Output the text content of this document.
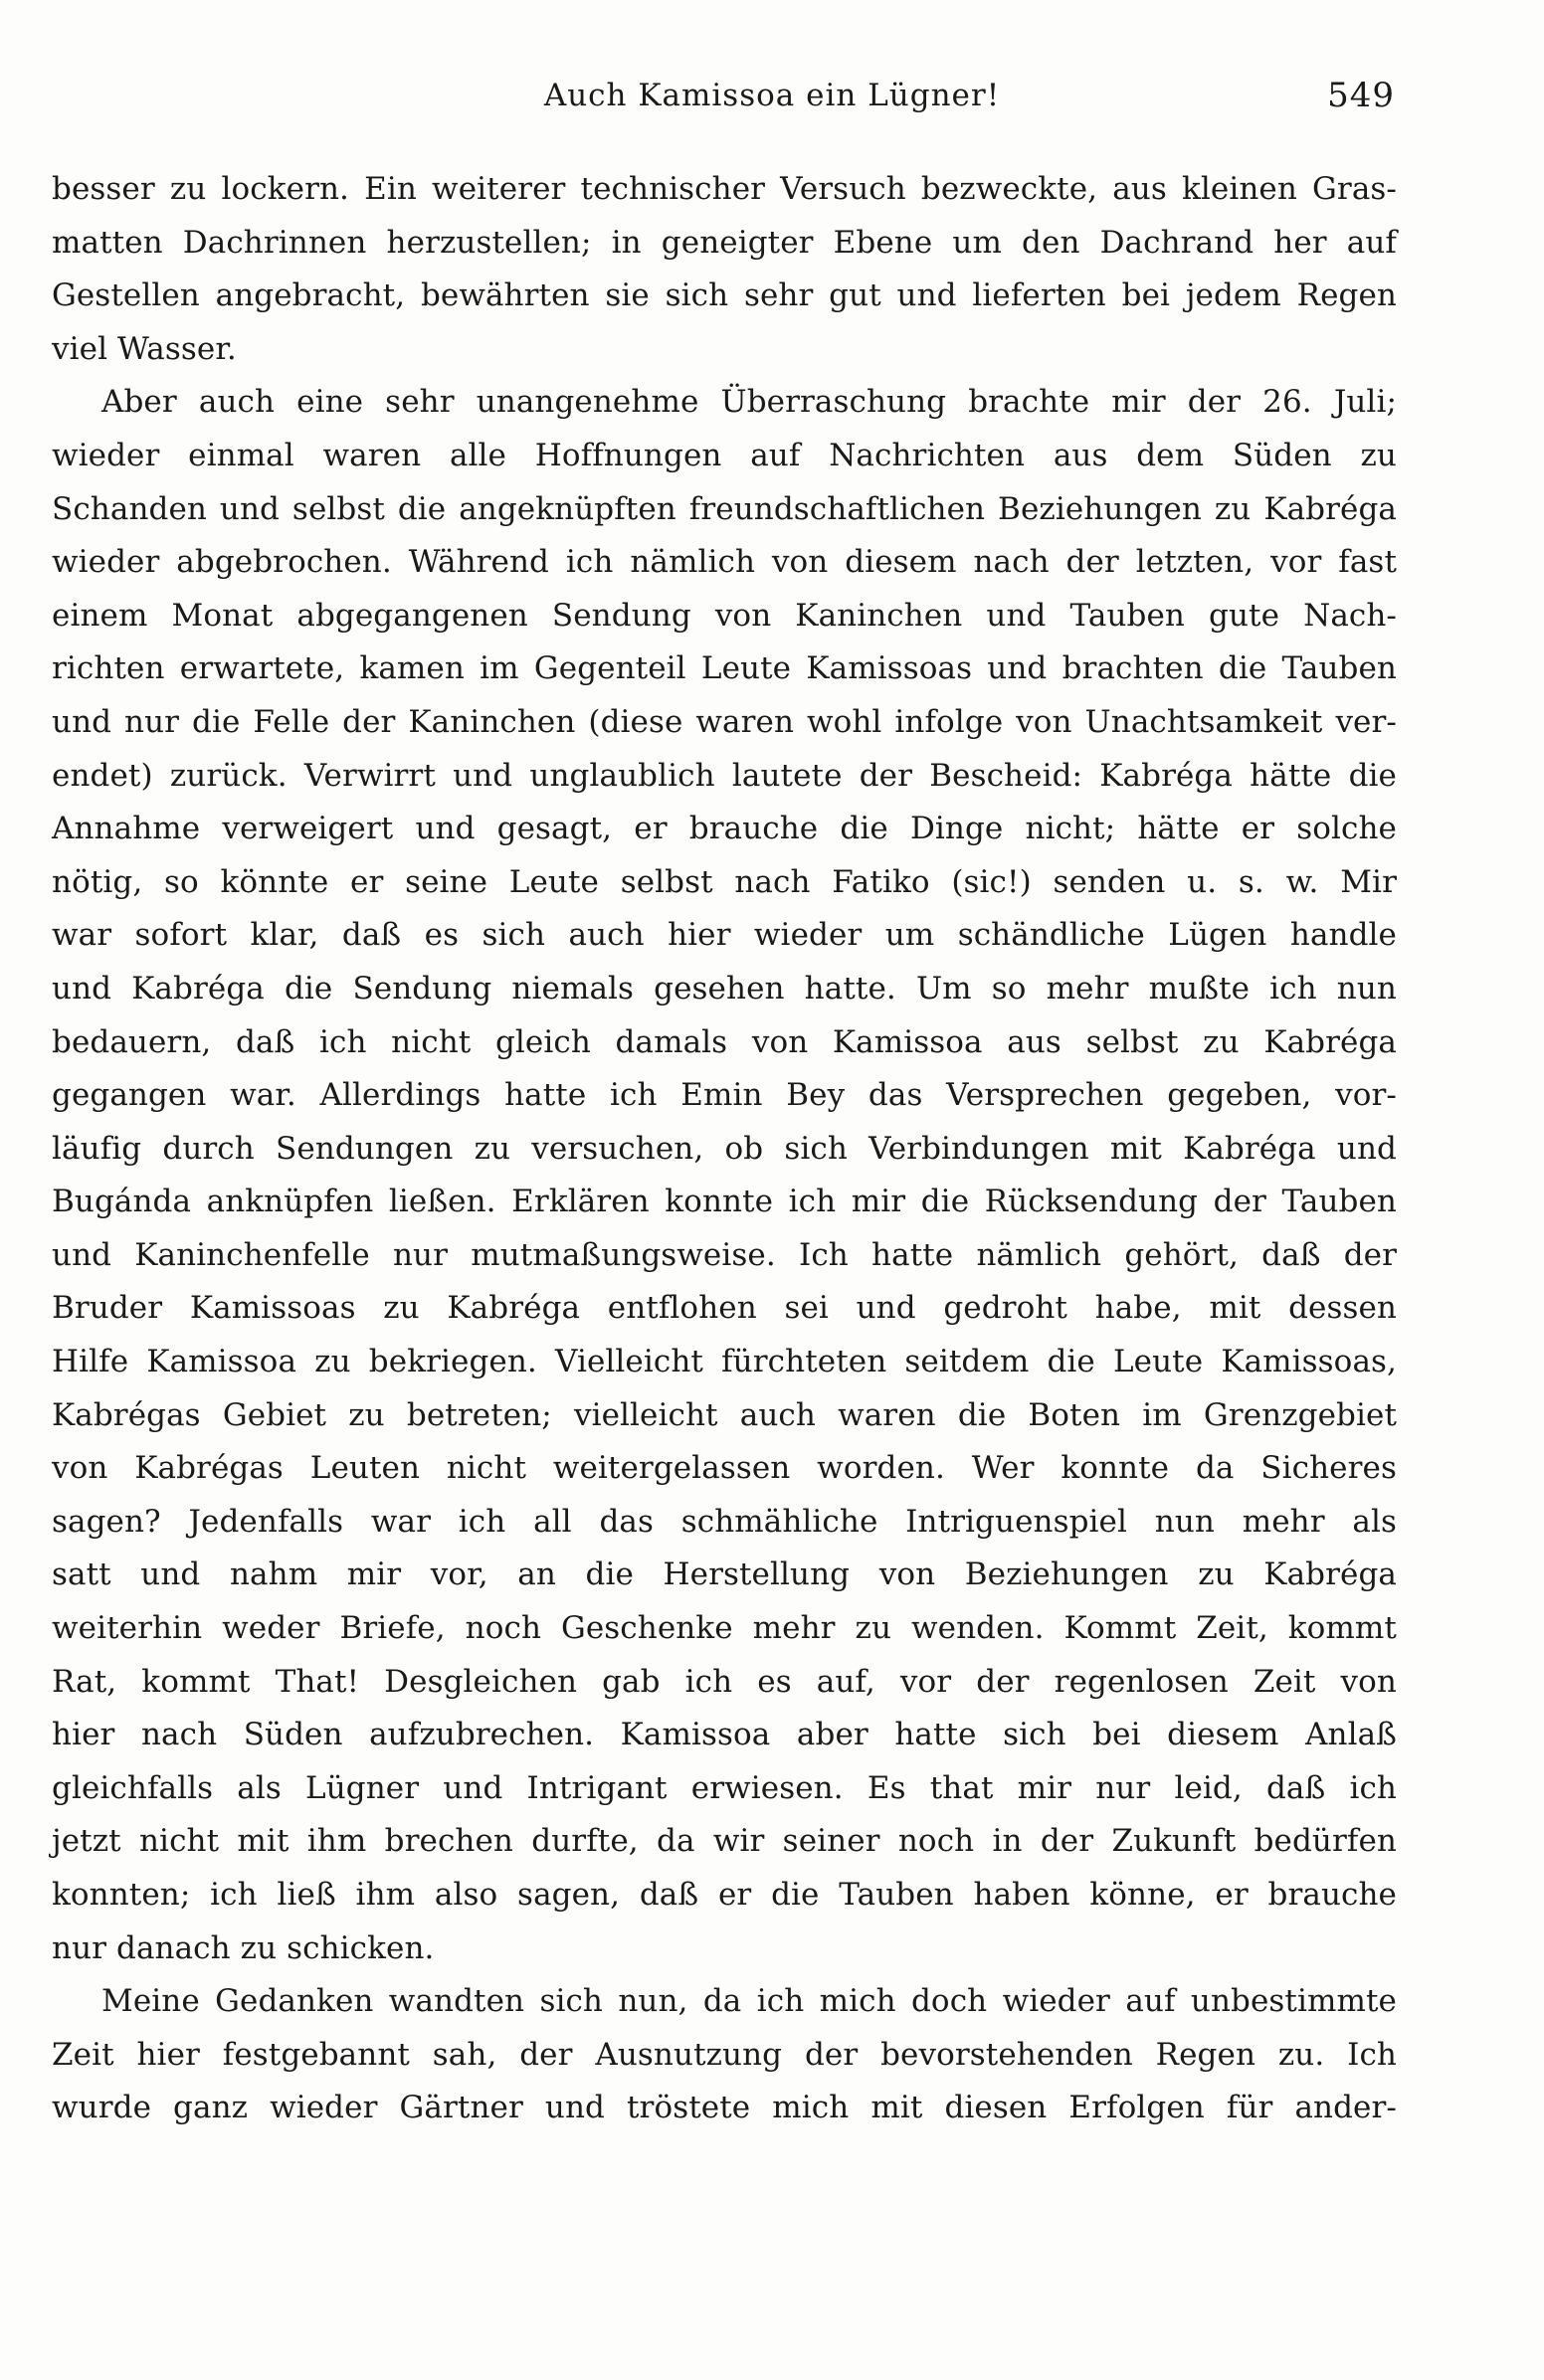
Auch Kamissoa ein Lügner!	549
besser zu lockern. Ein weiterer technischer Versuch bezweckte, aus kleinen Gras-
matten Dachrinnen herzustellen; in geneigter Ebene um den Dachrand her auf
Gestellen angebracht, bewährten sie sich sehr gut und lieferten bei jedem Regen
viel Wasser.
Aber auch eine sehr unangenehme Überraschung brachte mir der 26. Juli;
wieder einmal waren alle Hoffnungen auf Nachrichten aus dem Süden zu
Schanden und selbst die angeknüpften freundschaftlichen Beziehungen zu Kabréga
wieder abgebrochen. Während ich nämlich von diesem nach der letzten, vor fast
einem Monat abgegangenen Sendung von Kaninchen und Tauben gute Nach-
richten erwartete, kamen im Gegenteil Leute Kamissoas und brachten die Tauben
und nur die Felle der Kaninchen (diese waren wohl infolge von Unachtsamkeit ver-
endet) zurück. Verwirrt und unglaublich lautete der Bescheid: Kabréga hätte die
Annahme verweigert und gesagt, er brauche die Dinge nicht; hätte er solche
nötig, so könnte er seine Leute selbst nach Fatiko (sic!) senden u. s. w. Mir
war sofort klar, daß es sich auch hier wieder um schändliche Lügen handle
und Kabréga die Sendung niemals gesehen hatte. Um so mehr mußte ich nun
bedauern, daß ich nicht gleich damals von Kamissoa aus selbst zu Kabréga
gegangen war. Allerdings hatte ich Emin Bey das Versprechen gegeben, vor-
läufig durch Sendungen zu versuchen, ob sich Verbindungen mit Kabréga und
Bugánda anknüpfen ließen. Erklären konnte ich mir die Rücksendung der Tauben
und Kaninchenfelle nur mutmaßungsweise. Ich hatte nämlich gehört, daß der
Bruder Kamissoas zu Kabréga entflohen sei und gedroht habe, mit dessen
Hilfe Kamissoa zu bekriegen. Vielleicht fürchteten seitdem die Leute Kamissoas,
Kabrégas Gebiet zu betreten; vielleicht auch waren die Boten im Grenzgebiet
von Kabrégas Leuten nicht weitergelassen worden. Wer konnte da Sicheres
sagen? Jedenfalls war ich all das schmähliche Intriguenspiel nun mehr als
satt und nahm mir vor, an die Herstellung von Beziehungen zu Kabréga
weiterhin weder Briefe, noch Geschenke mehr zu wenden. Kommt Zeit, kommt
Rat, kommt That! Desgleichen gab ich es auf, vor der regenlosen Zeit von
hier nach Süden aufzubrechen. Kamissoa aber hatte sich bei diesem Anlaß
gleichfalls als Lügner und Intrigant erwiesen. Es that mir nur leid, daß ich
jetzt nicht mit ihm brechen durfte, da wir seiner noch in der Zukunft bedürfen
konnten; ich ließ ihm also sagen, daß er die Tauben haben könne, er brauche
nur danach zu schicken.
Meine Gedanken wandten sich nun, da ich mich doch wieder auf unbestimmte
Zeit hier festgebannt sah, der Ausnutzung der bevorstehenden Regen zu. Ich
wurde ganz wieder Gärtner und tröstete mich mit diesen Erfolgen für ander-
